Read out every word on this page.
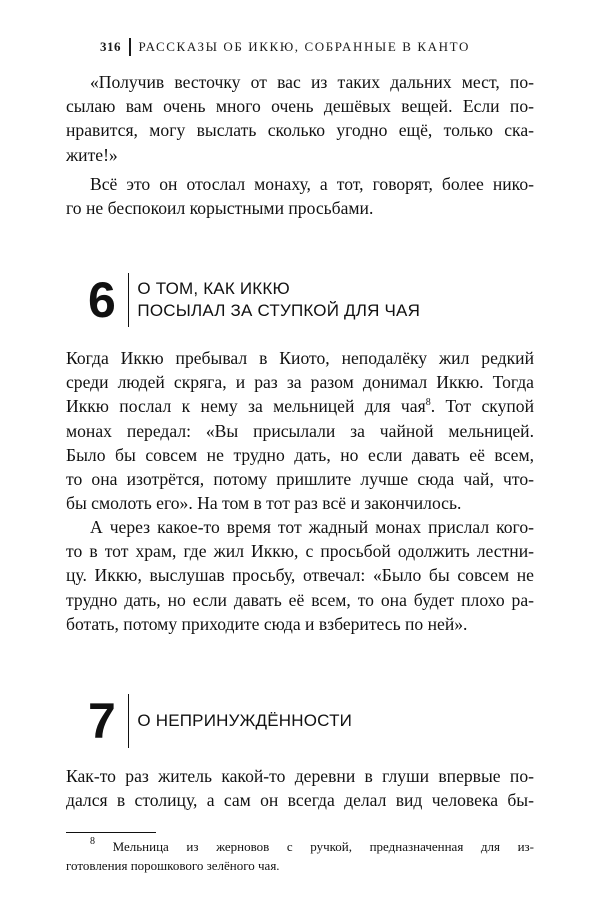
316 РАССКАЗЫ ОБ ИККЮ, СОБРАННЫЕ В КАНТО

«Получив весточку от вас из таких дальних мест, по-
сылаю вам очень много очень дешёвых вещей. Если по-
нравится, могу выслать сколько угодно ещё, только ска-
жите!»

Всё это он отослал монаху, а тот, говорят, более нико-
го не беспокоил корыстными просьбами.

6 О ТОМ, КАК ИККЮ
ПОСЫЛАЛ ЗА СТУПКОЙ ДЛЯ ЧАЯ

Когда Иккю пребывал в Киото, неподалёку жил редкий
среди людей скряга, и раз за разом донимал Иккю. Тогда
Иккю послал к нему за мельницей для чая$^8$. Тот скупой
монах передал: «Вы присылали за чайной мельницей.
Было бы совсем не трудно дать, но если давать её всем,
то она изотрётся, потому пришлите лучше сюда чай, что-
бы смолоть его». На том в тот раз всё и закончилось.

А через какое-то время тот жадный монах прислал кого-
то в тот храм, где жил Иккю, с просьбой одолжить лестни-
цу. Иккю, выслушав просьбу, отвечал: «Было бы совсем не
трудно дать, но если давать её всем, то она будет плохо ра-
ботать, потому приходите сюда и взберитесь по ней».

7 О НЕПРИНУЖДЁННОСТИ

Как-то раз житель какой-то деревни в глуши впервые по-
дался в столицу, а сам он всегда делал вид человека бы-

$^8$ Мельница из жерновов с ручкой, предназначенная для из-
готовления порошкового зелёного чая.
